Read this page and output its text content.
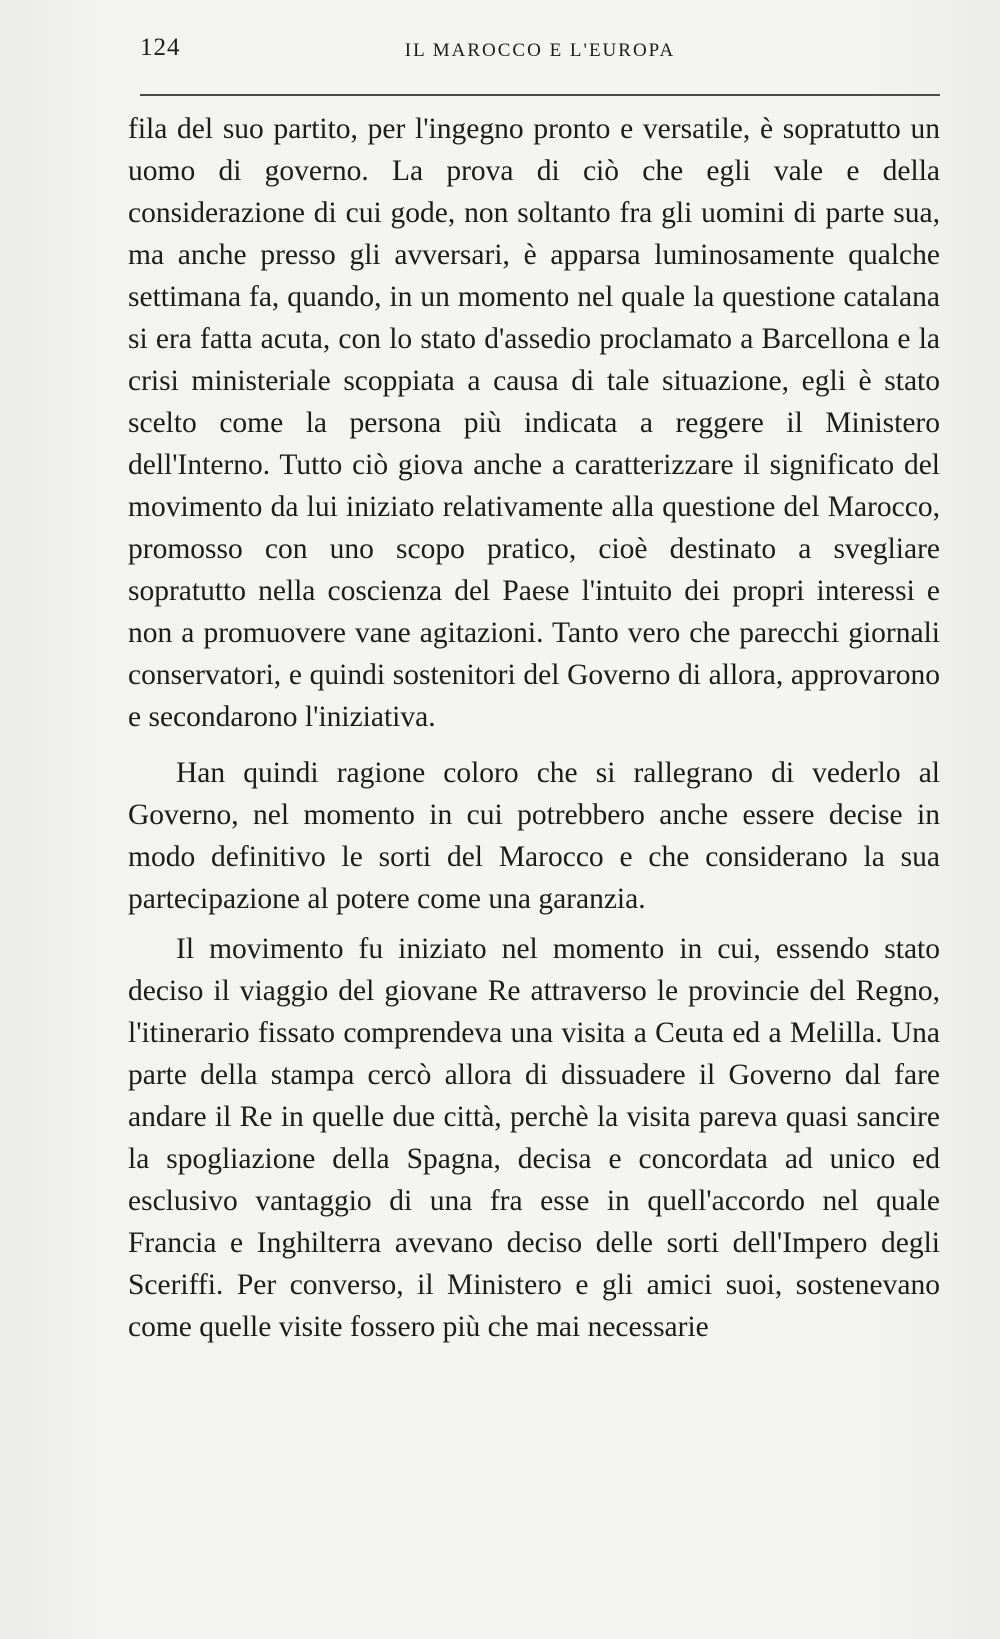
124	IL MAROCCO E L'EUROPA

fila del suo partito, per l'ingegno pronto e versatile, è sopratutto un uomo di governo. La prova di ciò che egli vale e della considerazione di cui gode, non soltanto fra gli uomini di parte sua, ma anche presso gli avversari, è apparsa luminosamente qualche settimana fa, quando, in un momento nel quale la questione catalana si era fatta acuta, con lo stato d'assedio proclamato a Barcellona e la crisi ministeriale scoppiata a causa di tale situazione, egli è stato scelto come la persona più indicata a reggere il Ministero dell'Interno. Tutto ciò giova anche a caratterizzare il significato del movimento da lui iniziato relativamente alla questione del Marocco, promosso con uno scopo pratico, cioè destinato a svegliare sopratutto nella coscienza del Paese l'intuito dei propri interessi e non a promuovere vane agitazioni. Tanto vero che parecchi giornali conservatori, e quindi sostenitori del Governo di allora, approvarono e secondarono l'iniziativa.

Han quindi ragione coloro che si rallegrano di vederlo al Governo, nel momento in cui potrebbero anche essere decise in modo definitivo le sorti del Marocco e che considerano la sua partecipazione al potere come una garanzia.

Il movimento fu iniziato nel momento in cui, essendo stato deciso il viaggio del giovane Re attraverso le provincie del Regno, l'itinerario fissato comprendeva una visita a Ceuta ed a Melilla. Una parte della stampa cercò allora di dissuadere il Governo dal fare andare il Re in quelle due città, perchè la visita pareva quasi sancire la spogliazione della Spagna, decisa e concordata ad unico ed esclusivo vantaggio di una fra esse in quell'accordo nel quale Francia e Inghilterra avevano deciso delle sorti dell'Impero degli Sceriffi. Per converso, il Ministero e gli amici suoi, sostenevano come quelle visite fossero più che mai necessarie
